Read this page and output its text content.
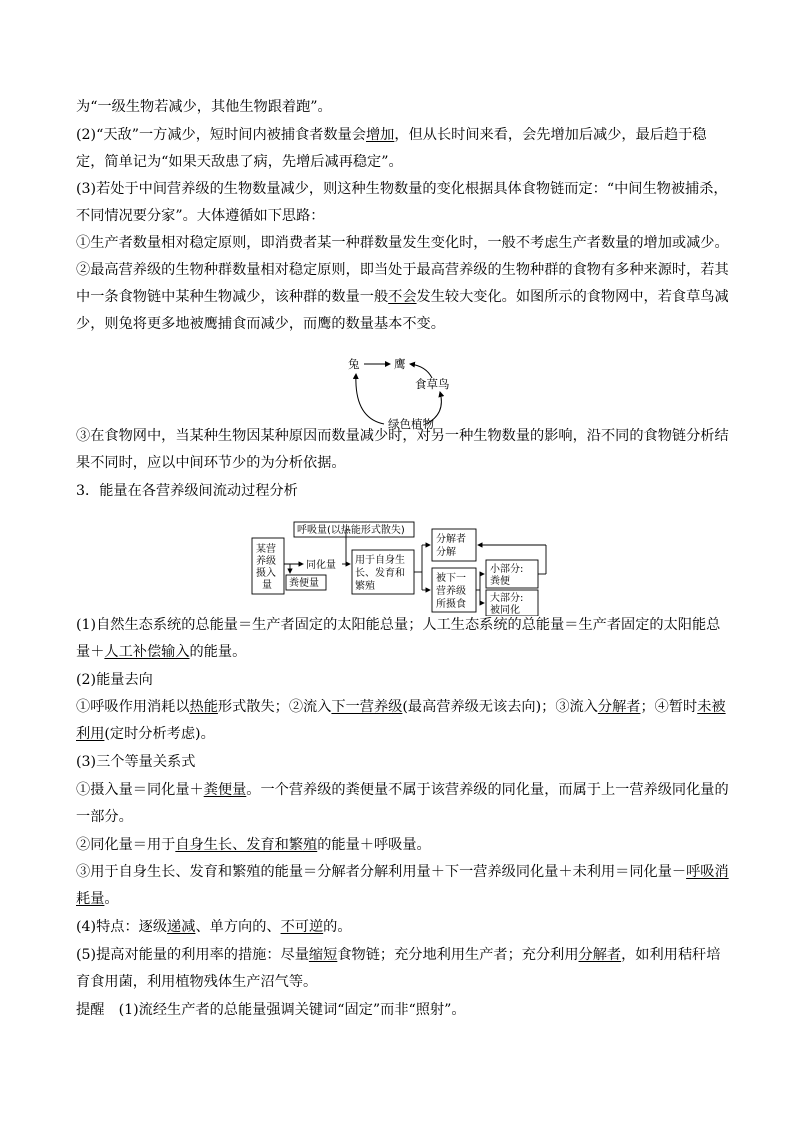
为“一级生物若减少，其他生物跟着跑”。
(2)“天敌”一方减少，短时间内被捕食者数量会增加，但从长时间来看，会先增加后减少，最后趋于稳
定，简单记为“如果天敌患了病，先增后减再稳定”。
(3)若处于中间营养级的生物数量减少，则这种生物数量的变化根据具体食物链而定：“中间生物被捕杀，
不同情况要分家”。大体遵循如下思路：
①生产者数量相对稳定原则，即消费者某一种群数量发生变化时，一般不考虑生产者数量的增加或减少。
②最高营养级的生物种群数量相对稳定原则，即当处于最高营养级的生物种群的食物有多种来源时，若其
中一条食物链中某种生物减少，该种群的数量一般不会发生较大变化。如图所示的食物网中，若食草鸟减
少，则兔将更多地被鹰捕食而减少，而鹰的数量基本不变。
③在食物网中，当某种生物因某种原因而数量减少时，对另一种生物数量的影响，沿不同的食物链分析结
果不同时，应以中间环节少的为分析依据。
3．能量在各营养级间流动过程分析
(1)自然生态系统的总能量＝生产者固定的太阳能总量；人工生态系统的总能量＝生产者固定的太阳能总
量＋人工补偿输入的能量。
(2)能量去向
①呼吸作用消耗以热能形式散失；②流入下一营养级(最高营养级无该去向)；③流入分解者；④暂时未被
利用(定时分析考虑)。
(3)三个等量关系式
①摄入量＝同化量＋粪便量。一个营养级的粪便量不属于该营养级的同化量，而属于上一营养级同化量的
一部分。
②同化量＝用于自身生长、发育和繁殖的能量＋呼吸量。
③用于自身生长、发育和繁殖的能量＝分解者分解利用量＋下一营养级同化量＋未利用＝同化量－呼吸消
耗量。
(4)特点：逐级递减、单方向的、不可逆的。
(5)提高对能量的利用率的措施：尽量缩短食物链；充分地利用生产者；充分利用分解者，如利用秸秆培
育食用菌，利用植物残体生产沼气等。
提醒　(1)流经生产者的总能量强调关键词“固定”而非“照射”。
兔	鹰
食草鸟
绿色植物
某营
养级
摄入
量 粪便量
同化量
呼吸量(以热能形式散失)
用于自身生
长、发育和
繁殖
分解者
分解
被下一
营养级
所摄食
小部分:
粪便
大部分:
被同化
